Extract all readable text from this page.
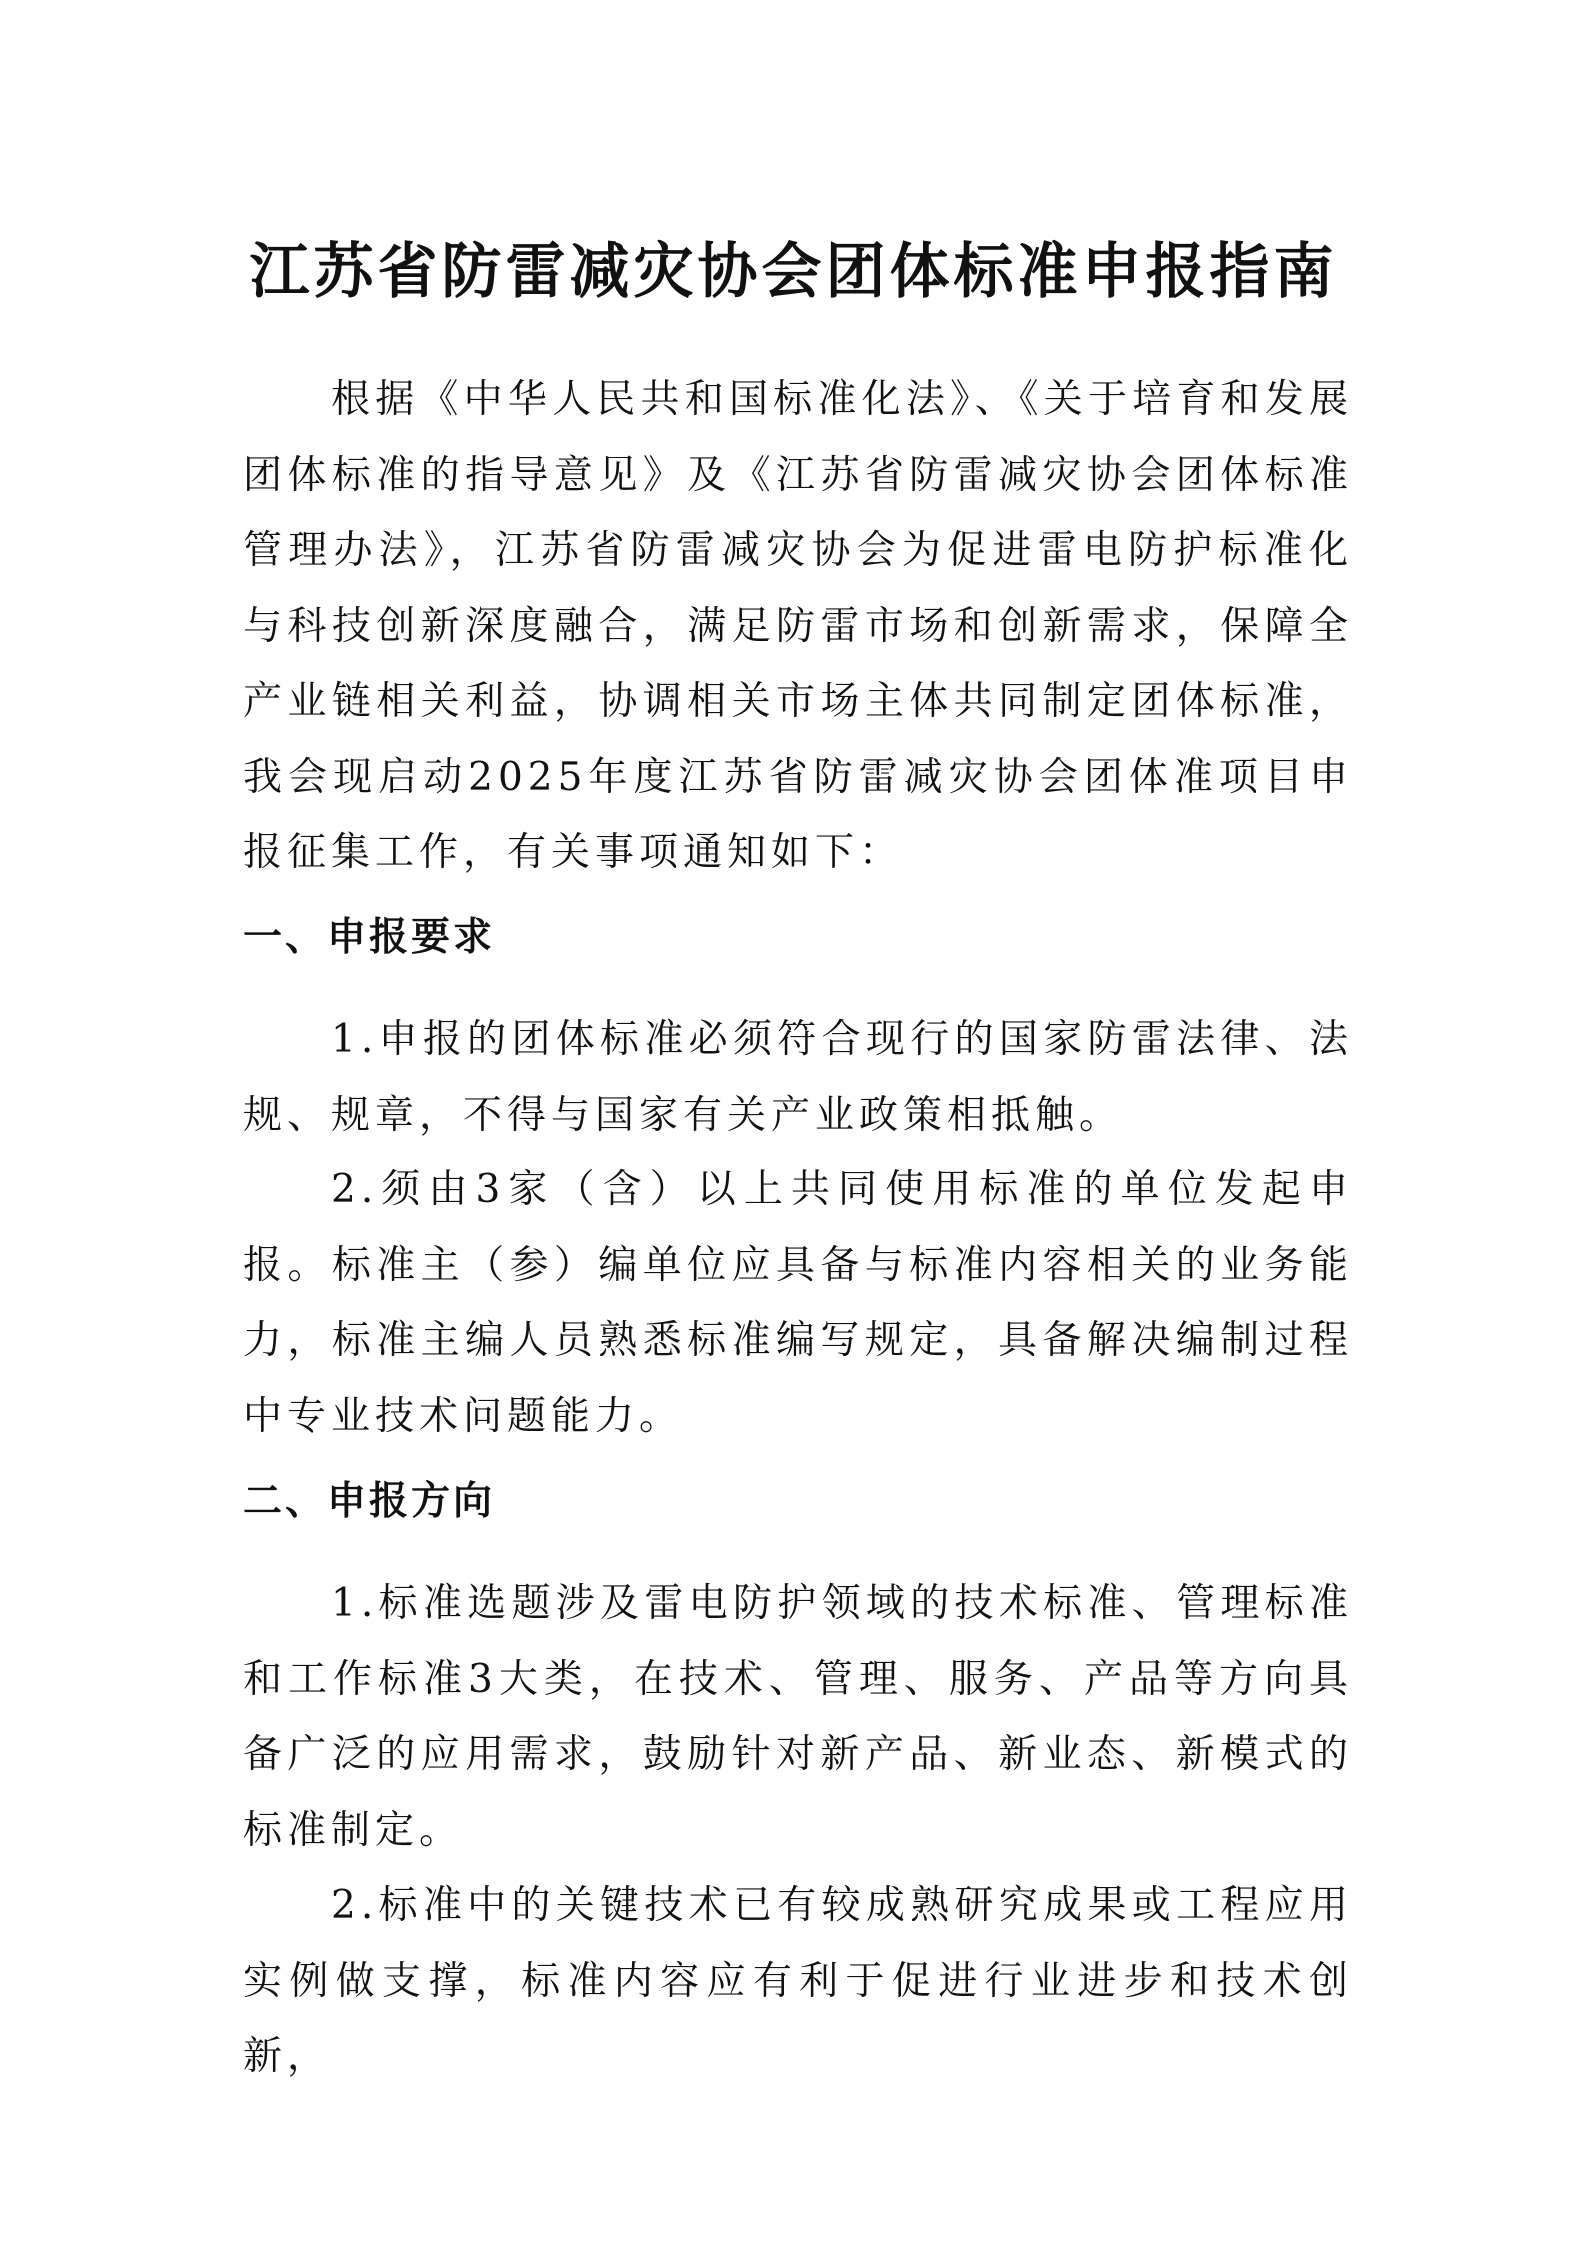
江苏省防雷减灾协会团体标准申报指南

根据《中华人民共和国标准化法》、《关于培育和发展团体标准的指导意见》及《江苏省防雷减灾协会团体标准管理办法》，江苏省防雷减灾协会为促进雷电防护标准化与科技创新深度融合，满足防雷市场和创新需求，保障全产业链相关利益，协调相关市场主体共同制定团体标准，我会现启动2025年度江苏省防雷减灾协会团体准项目申报征集工作，有关事项通知如下：

一、申报要求

1.申报的团体标准必须符合现行的国家防雷法律、法规、规章，不得与国家有关产业政策相抵触。

2.须由3家（含）以上共同使用标准的单位发起申报。标准主（参）编单位应具备与标准内容相关的业务能力，标准主编人员熟悉标准编写规定，具备解决编制过程中专业技术问题能力。

二、申报方向

1.标准选题涉及雷电防护领域的技术标准、管理标准和工作标准3大类，在技术、管理、服务、产品等方向具备广泛的应用需求，鼓励针对新产品、新业态、新模式的标准制定。

2.标准中的关键技术已有较成熟研究成果或工程应用实例做支撑，标准内容应有利于促进行业进步和技术创新，
